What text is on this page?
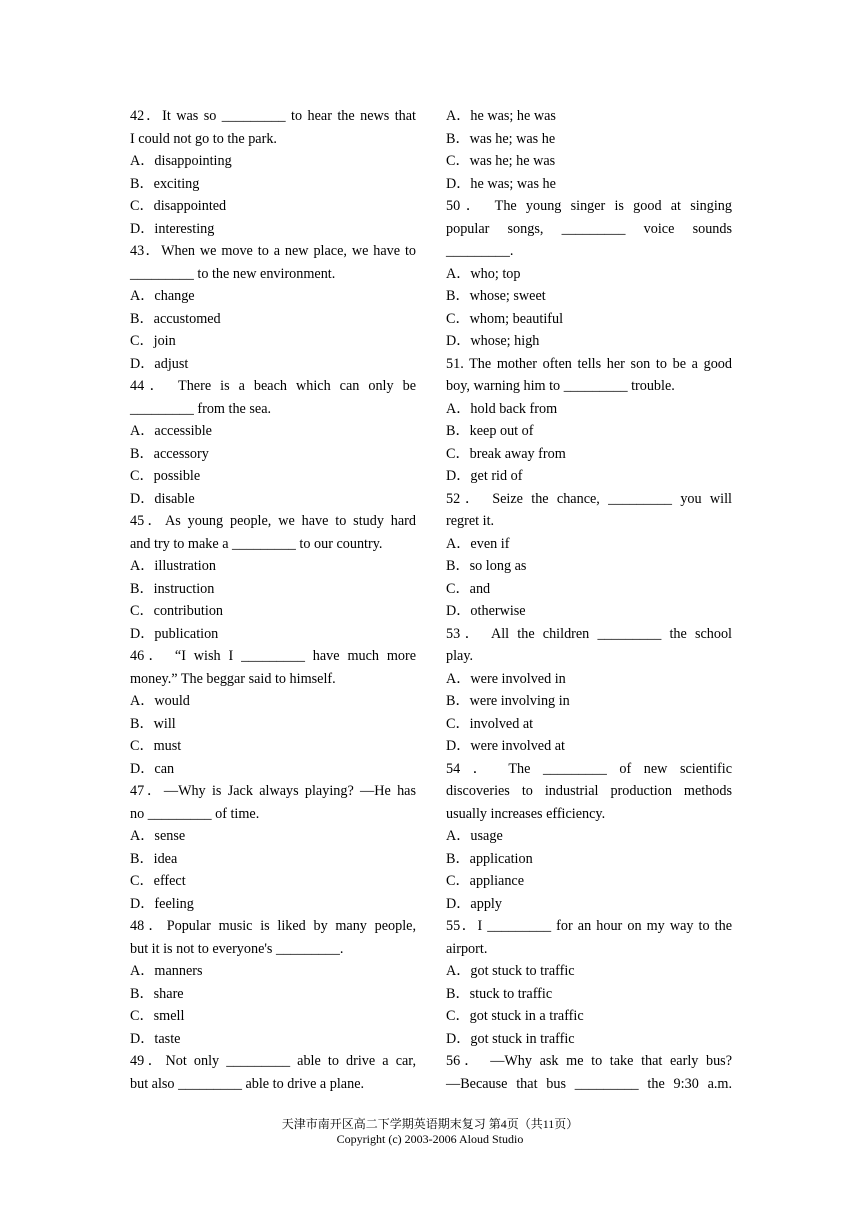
42．It was so _________ to hear the news that
I could not go to the park.
A．disappointing
B．exciting
C．disappointed
D．interesting
43．When we move to a new place, we have to
_________ to the new environment.
A．change
B．accustomed
C．join
D．adjust
44． There is a beach which can only be
_________ from the sea.
A．accessible
B．accessory
C．possible
D．disable
45．As young people, we have to study hard
and try to make a _________ to our country.
A．illustration
B．instruction
C．contribution
D．publication
46． “I wish I _________ have much more
money.” The beggar said to himself.
A．would
B．will
C．must
D．can
47．—Why is Jack always playing? —He has
no _________ of time.
A．sense
B．idea
C．effect
D．feeling
48．Popular music is liked by many people,
but it is not to everyone's _________.
A．manners
B．share
C．smell
D．taste
49．Not only _________ able to drive a car,
but also _________ able to drive a plane.
A．he was; he was
B．was he; was he
C．was he; he was
D．he was; was he
50． The young singer is good at singing
popular songs, _________ voice sounds
_________.
A．who; top
B．whose; sweet
C．whom; beautiful
D．whose; high
51. The mother often tells her son to be a good
boy, warning him to _________ trouble.
A．hold back from
B．keep out of
C．break away from
D．get rid of
52． Seize the chance, _________ you will
regret it.
A．even if
B．so long as
C．and
D．otherwise
53． All the children _________ the school
play.
A．were involved in
B．were involving in
C．involved at
D．were involved at
54 ． The _________ of new scientific
discoveries to industrial production methods
usually increases efficiency.
A．usage
B．application
C．appliance
D．apply
55．I _________ for an hour on my way to the
airport.
A．got stuck to traffic
B．stuck to traffic
C．got stuck in a traffic
D．got stuck in traffic
56． —Why ask me to take that early bus?
—Because that bus _________ the 9:30 a.m.
天津市南开区高二下学期英语期末复习 第4页（共11页）
Copyright (c) 2003-2006 Aloud Studio
